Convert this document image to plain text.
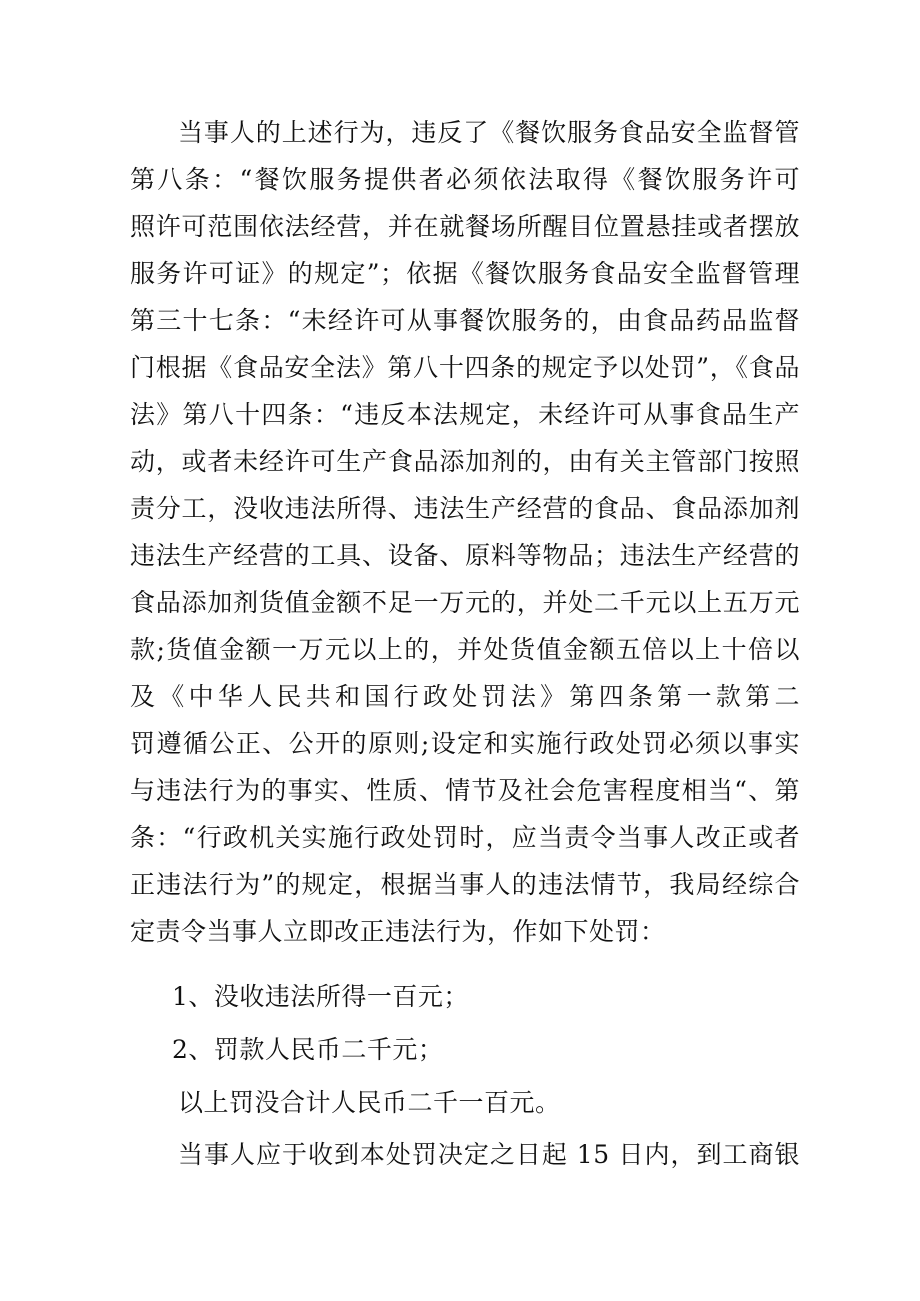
当事人的上述行为，违反了《餐饮服务食品安全监督管
第八条：“餐饮服务提供者必须依法取得《餐饮服务许可
照许可范围依法经营，并在就餐场所醒目位置悬挂或者摆放
服务许可证》的规定”；依据《餐饮服务食品安全监督管理
第三十七条：“未经许可从事餐饮服务的，由食品药品监督
门根据《食品安全法》第八十四条的规定予以处罚”，《食品
法》第八十四条：“违反本法规定，未经许可从事食品生产
动，或者未经许可生产食品添加剂的，由有关主管部门按照
责分工，没收违法所得、违法生产经营的食品、食品添加剂
违法生产经营的工具、设备、原料等物品；违法生产经营的
食品添加剂货值金额不足一万元的，并处二千元以上五万元
款;货值金额一万元以上的，并处货值金额五倍以上十倍以
及《中华人民共和国行政处罚法》第四条第一款第二
罚遵循公正、公开的原则;设定和实施行政处罚必须以事实
与违法行为的事实、性质、情节及社会危害程度相当“、第
条：“行政机关实施行政处罚时，应当责令当事人改正或者
正违法行为”的规定，根据当事人的违法情节，我局经综合
定责令当事人立即改正违法行为，作如下处罚：
1、没收违法所得一百元；
2、罚款人民币二千元；
以上罚没合计人民币二千一百元。
当事人应于收到本处罚决定之日起 15 日内，到工商银
